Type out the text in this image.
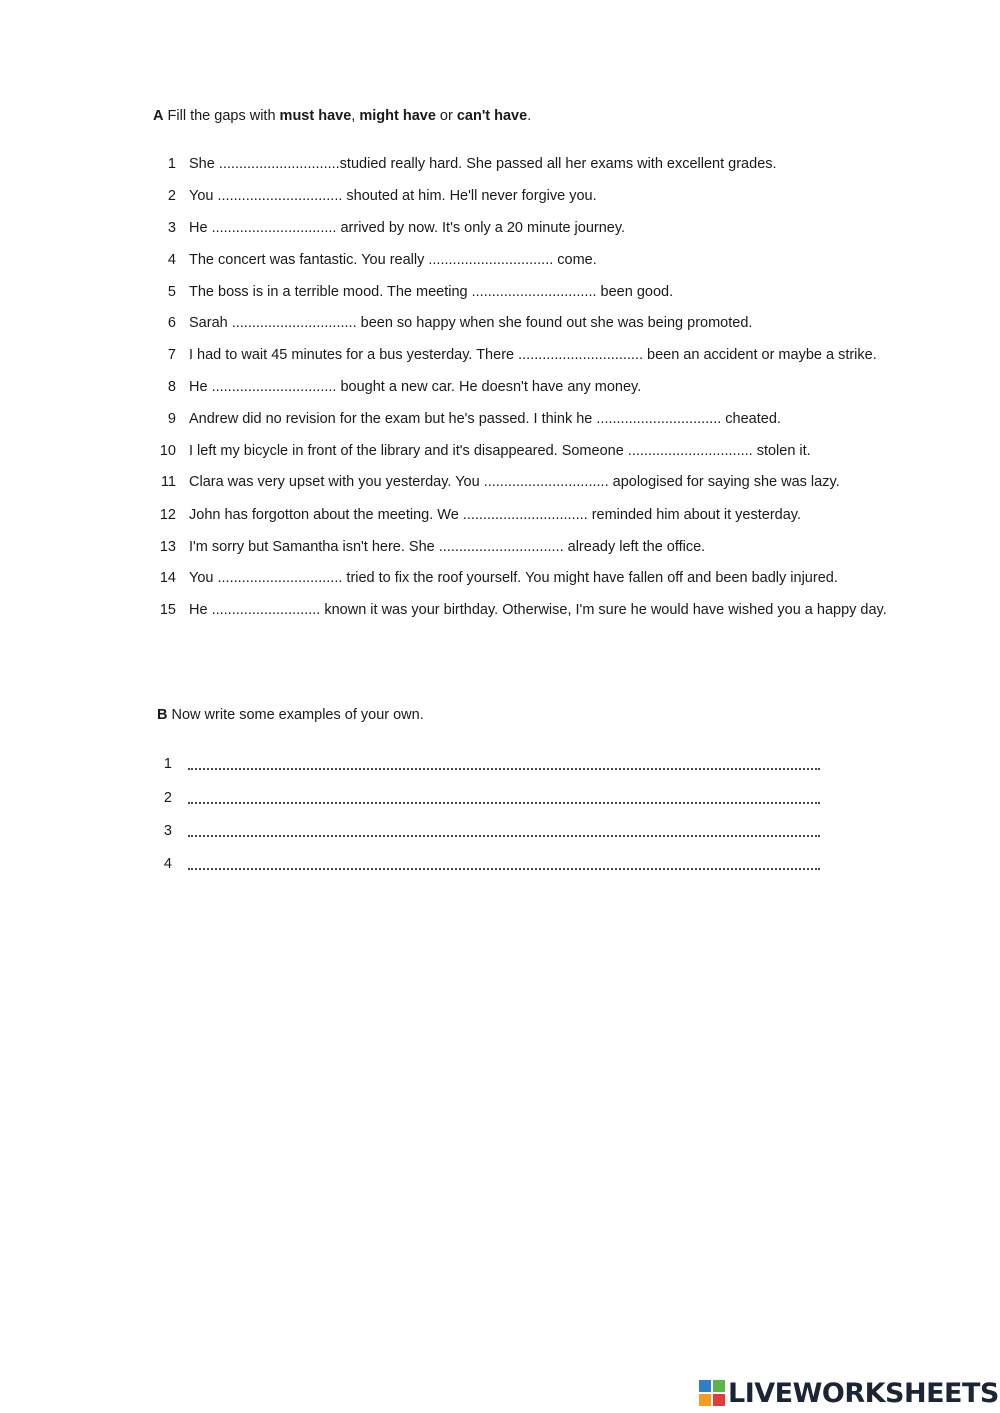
A Fill the gaps with must have, might have or can't have.
1 She ..............................studied really hard. She passed all her exams with excellent grades.
2 You ............................... shouted at him. He'll never forgive you.
3 He ............................... arrived by now. It's only a 20 minute journey.
4 The concert was fantastic. You really ............................... come.
5 The boss is in a terrible mood. The meeting ............................... been good.
6 Sarah ............................... been so happy when she found out she was being promoted.
7 I had to wait 45 minutes for a bus yesterday. There ............................... been an accident or maybe a strike.
8 He ............................... bought a new car. He doesn't have any money.
9 Andrew did no revision for the exam but he's passed. I think he ............................... cheated.
10 I left my bicycle in front of the library and it's disappeared. Someone ............................... stolen it.
11 Clara was very upset with you yesterday. You ............................... apologised for saying she was lazy.
12 John has forgotton about the meeting. We ............................... reminded him about it yesterday.
13 I'm sorry but Samantha isn't here. She ............................... already left the office.
14 You ............................... tried to fix the roof yourself. You might have fallen off and been badly injured.
15 He ........................... known it was your birthday. Otherwise, I'm sure he would have wished you a happy day.
B Now write some examples of your own.
1
2
3
4
LIVEWORKSHEETS
